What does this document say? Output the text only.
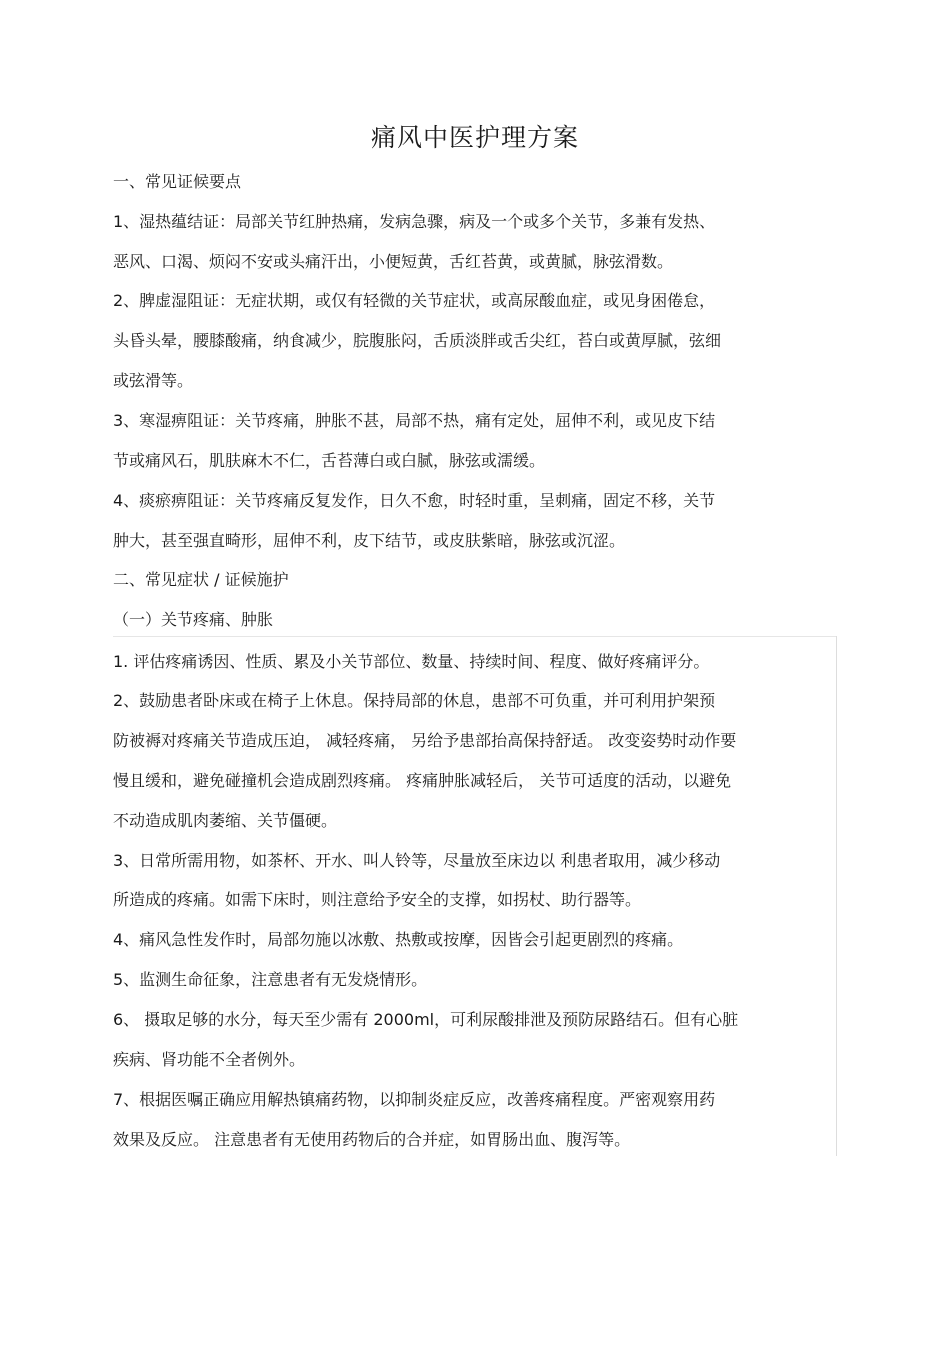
痛风中医护理方案

一、常见证候要点

1、湿热蕴结证：局部关节红肿热痛，发病急骤，病及一个或多个关节，多兼有发热、

恶风、口渴、烦闷不安或头痛汗出，小便短黄，舌红苔黄，或黄腻，脉弦滑数。

2、脾虚湿阻证：无症状期，或仅有轻微的关节症状，或高尿酸血症，或见身困倦怠，

头昏头晕，腰膝酸痛，纳食减少，脘腹胀闷，舌质淡胖或舌尖红，苔白或黄厚腻，弦细

或弦滑等。

3、寒湿痹阻证：关节疼痛，肿胀不甚，局部不热，痛有定处，屈伸不利，或见皮下结

节或痛风石，肌肤麻木不仁，舌苔薄白或白腻，脉弦或濡缓。

4、痰瘀痹阻证：关节疼痛反复发作，日久不愈，时轻时重，呈刺痛，固定不移，关节

肿大，甚至强直畸形，屈伸不利，皮下结节，或皮肤紫暗，脉弦或沉涩。

二、常见症状 / 证候施护

（一）关节疼痛、肿胀

1. 评估疼痛诱因、性质、累及小关节部位、数量、持续时间、程度、做好疼痛评分。

2、鼓励患者卧床或在椅子上休息。保持局部的休息，患部不可负重，并可利用护架预

防被褥对疼痛关节造成压迫， 减轻疼痛， 另给予患部抬高保持舒适。 改变姿势时动作要

慢且缓和，避免碰撞机会造成剧烈疼痛。 疼痛肿胀减轻后， 关节可适度的活动，以避免

不动造成肌肉萎缩、关节僵硬。

3、日常所需用物，如茶杯、开水、叫人铃等，尽量放至床边以 利患者取用，减少移动

所造成的疼痛。如需下床时，则注意给予安全的支撑，如拐杖、助行器等。

4、痛风急性发作时，局部勿施以冰敷、热敷或按摩，因皆会引起更剧烈的疼痛。

5、监测生命征象，注意患者有无发烧情形。

6、 摄取足够的水分，每天至少需有 2000ml，可利尿酸排泄及预防尿路结石。但有心脏

疾病、肾功能不全者例外。

7、根据医嘱正确应用解热镇痛药物，以抑制炎症反应，改善疼痛程度。严密观察用药

效果及反应。 注意患者有无使用药物后的合并症，如胃肠出血、腹泻等。
